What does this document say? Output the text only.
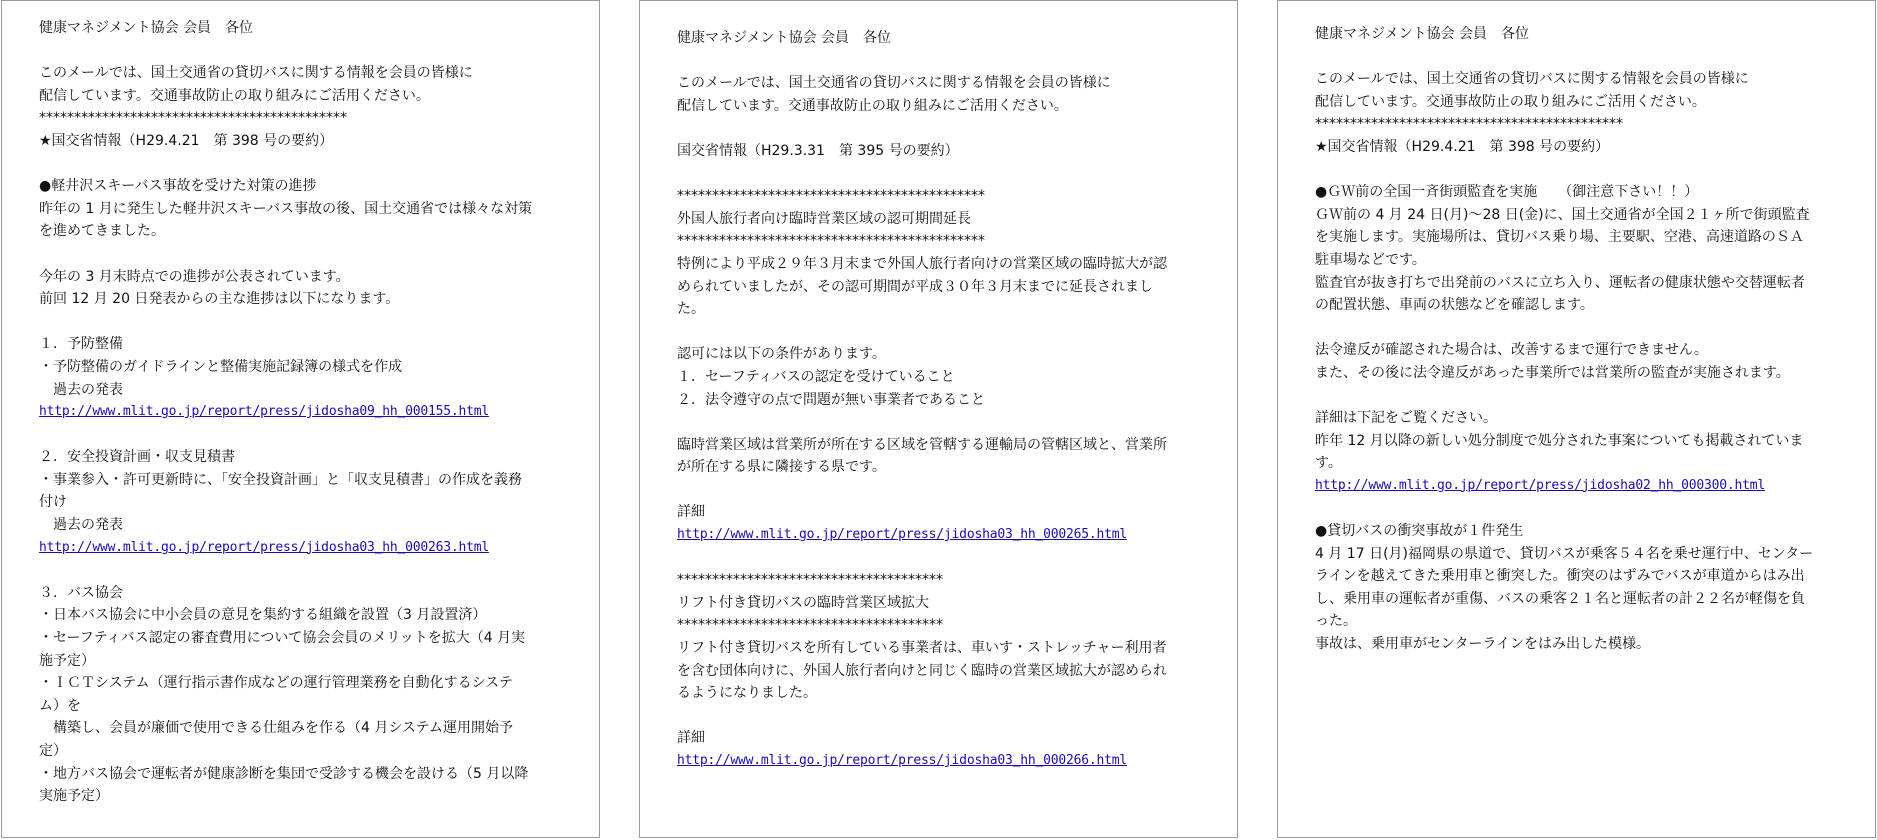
健康マネジメント協会 会員　各位
このメールでは、国土交通省の貸切バスに関する情報を会員の皆様に
配信しています。交通事故防止の取り組みにご活用ください。
********************************************
★国交省情報（H29.4.21　第 398 号の要約）
●軽井沢スキーバス事故を受けた対策の進捗
昨年の 1 月に発生した軽井沢スキーバス事故の後、国土交通省では様々な対策
を進めてきました。
今年の 3 月末時点での進捗が公表されています。
前回 12 月 20 日発表からの主な進捗は以下になります。
１．予防整備
・予防整備のガイドラインと整備実施記録簿の様式を作成
　過去の発表
http://www.mlit.go.jp/report/press/jidosha09_hh_000155.html
２．安全投資計画・収支見積書
・事業参入・許可更新時に、「安全投資計画」と「収支見積書」の作成を義務
付け
　過去の発表
http://www.mlit.go.jp/report/press/jidosha03_hh_000263.html
３．バス協会
・日本バス協会に中小会員の意見を集約する組織を設置（3 月設置済）
・セーフティバス認定の審査費用について協会会員のメリットを拡大（4 月実
施予定）
・ＩＣＴシステム（運行指示書作成などの運行管理業務を自動化するシステ
ム）を
　構築し、会員が廉価で使用できる仕組みを作る（4 月システム運用開始予
定）
・地方バス協会で運転者が健康診断を集団で受診する機会を設ける（5 月以降
実施予定）
健康マネジメント協会 会員　各位
このメールでは、国土交通省の貸切バスに関する情報を会員の皆様に
配信しています。交通事故防止の取り組みにご活用ください。
国交省情報（H29.3.31　第 395 号の要約）
********************************************
外国人旅行者向け臨時営業区域の認可期間延長
********************************************
特例により平成２９年３月末まで外国人旅行者向けの営業区域の臨時拡大が認
められていましたが、その認可期間が平成３０年３月末までに延長されまし
た。
認可には以下の条件があります。
１．セーフティバスの認定を受けていること
２．法令遵守の点で問題が無い事業者であること
臨時営業区域は営業所が所在する区域を管轄する運輸局の管轄区域と、営業所
が所在する県に隣接する県です。
詳細
http://www.mlit.go.jp/report/press/jidosha03_hh_000265.html
**************************************
リフト付き貸切バスの臨時営業区域拡大
**************************************
リフト付き貸切バスを所有している事業者は、車いす・ストレッチャー利用者
を含む団体向けに、外国人旅行者向けと同じく臨時の営業区域拡大が認められ
るようになりました。
詳細
http://www.mlit.go.jp/report/press/jidosha03_hh_000266.html
健康マネジメント協会 会員　各位
このメールでは、国土交通省の貸切バスに関する情報を会員の皆様に
配信しています。交通事故防止の取り組みにご活用ください。
********************************************
★国交省情報（H29.4.21　第 398 号の要約）
●ＧＷ前の全国一斉街頭監査を実施　　（御注意下さい！！）
ＧＷ前の 4 月 24 日(月)～28 日(金)に、国土交通省が全国２１ヶ所で街頭監査
を実施します。実施場所は、貸切バス乗り場、主要駅、空港、高速道路のＳＡ
駐車場などです。
監査官が抜き打ちで出発前のバスに立ち入り、運転者の健康状態や交替運転者
の配置状態、車両の状態などを確認します。
法令違反が確認された場合は、改善するまで運行できません。
また、その後に法令違反があった事業所では営業所の監査が実施されます。
詳細は下記をご覧ください。
昨年 12 月以降の新しい処分制度で処分された事案についても掲載されていま
す。
http://www.mlit.go.jp/report/press/jidosha02_hh_000300.html
●貸切バスの衝突事故が１件発生
4 月 17 日(月)福岡県の県道で、貸切バスが乗客５４名を乗せ運行中、センター
ラインを越えてきた乗用車と衝突した。衝突のはずみでバスが車道からはみ出
し、乗用車の運転者が重傷、バスの乗客２１名と運転者の計２２名が軽傷を負
った。
事故は、乗用車がセンターラインをはみ出した模様。
